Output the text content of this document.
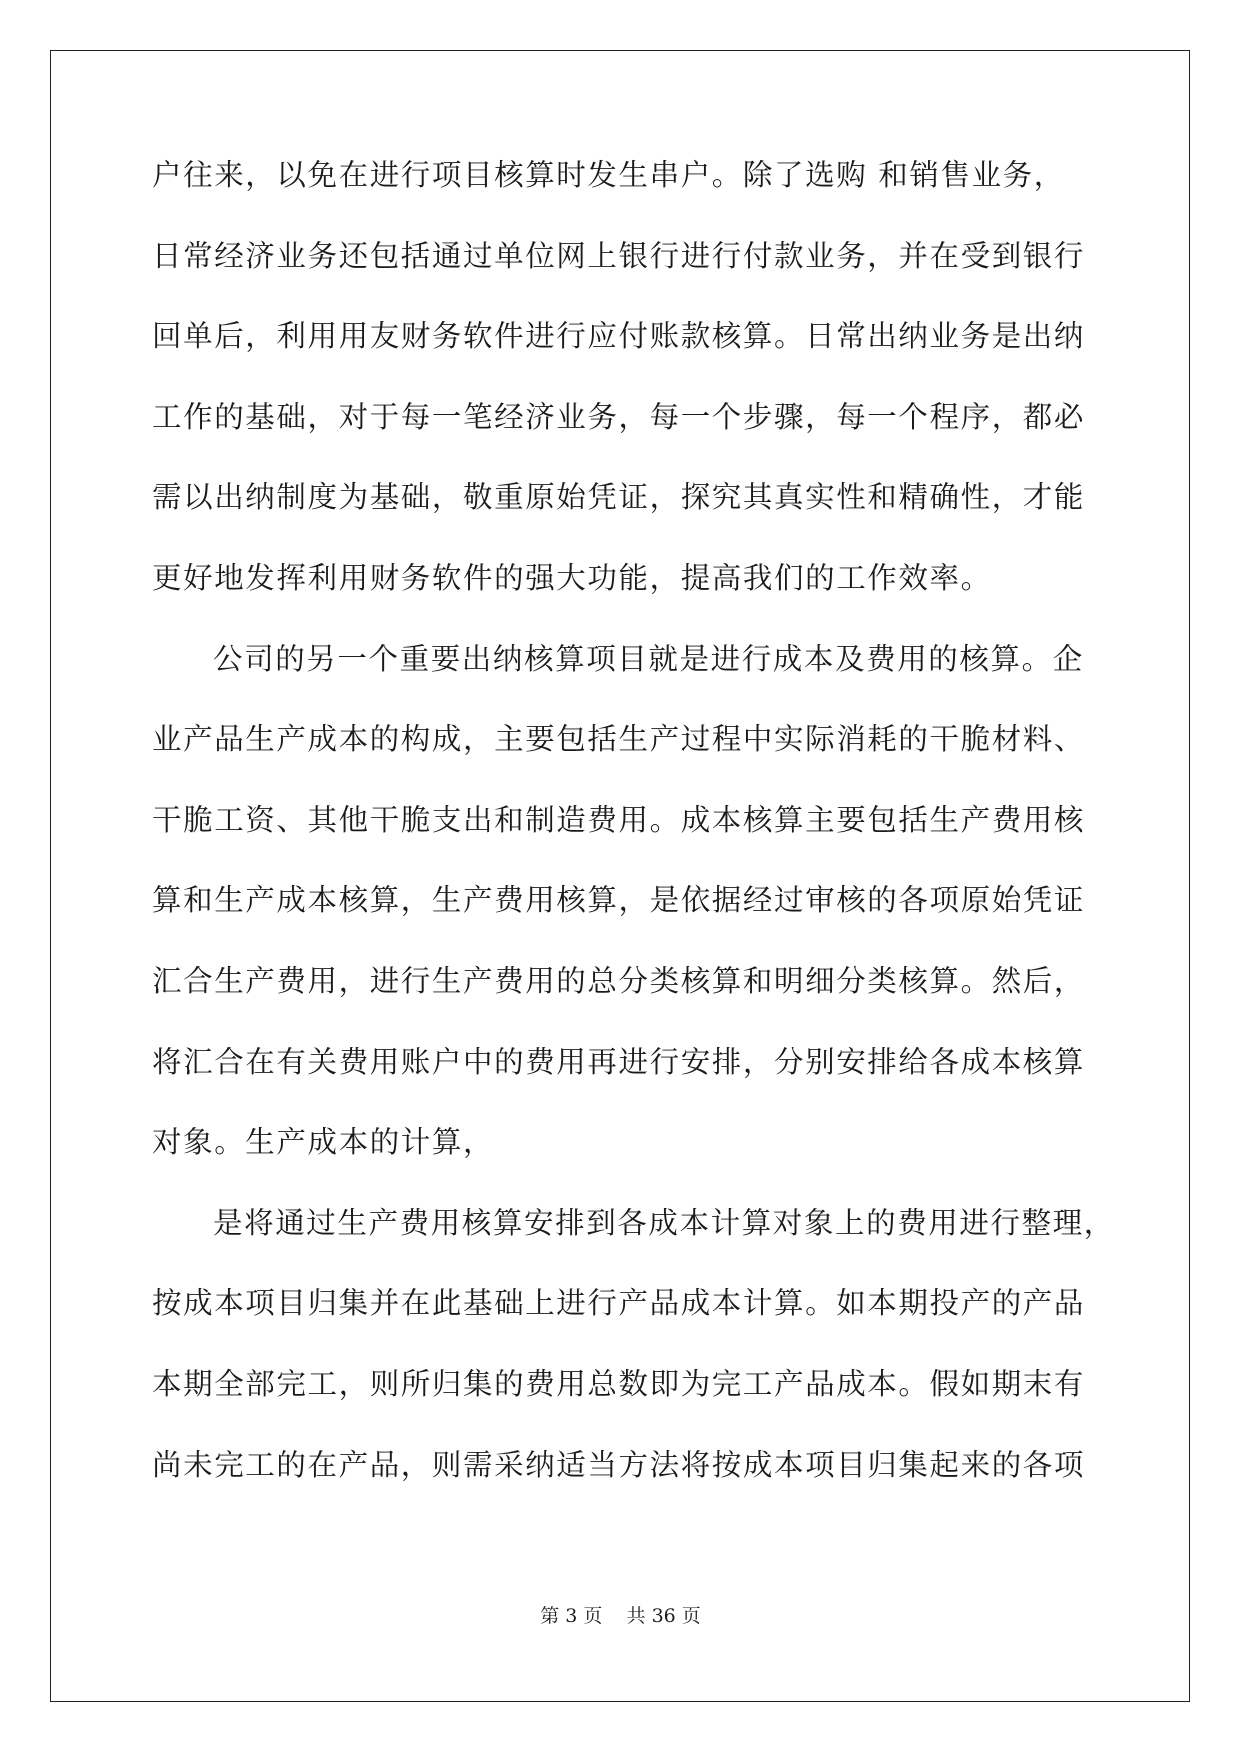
户往来，以免在进行项目核算时发生串户。除了选购 和销售业务，
日常经济业务还包括通过单位网上银行进行付款业务，并在受到银行
回单后，利用用友财务软件进行应付账款核算。日常出纳业务是出纳
工作的基础，对于每一笔经济业务，每一个步骤，每一个程序，都必
需以出纳制度为基础，敬重原始凭证，探究其真实性和精确性，才能
更好地发挥利用财务软件的强大功能，提高我们的工作效率。
公司的另一个重要出纳核算项目就是进行成本及费用的核算。企
业产品生产成本的构成，主要包括生产过程中实际消耗的干脆材料、
干脆工资、其他干脆支出和制造费用。成本核算主要包括生产费用核
算和生产成本核算，生产费用核算，是依据经过审核的各项原始凭证
汇合生产费用，进行生产费用的总分类核算和明细分类核算。然后，
将汇合在有关费用账户中的费用再进行安排，分别安排给各成本核算
对象。生产成本的计算，
是将通过生产费用核算安排到各成本计算对象上的费用进行整理，
按成本项目归集并在此基础上进行产品成本计算。如本期投产的产品
本期全部完工，则所归集的费用总数即为完工产品成本。假如期末有
尚未完工的在产品，则需采纳适当方法将按成本项目归集起来的各项
第 3 页    共 36 页
